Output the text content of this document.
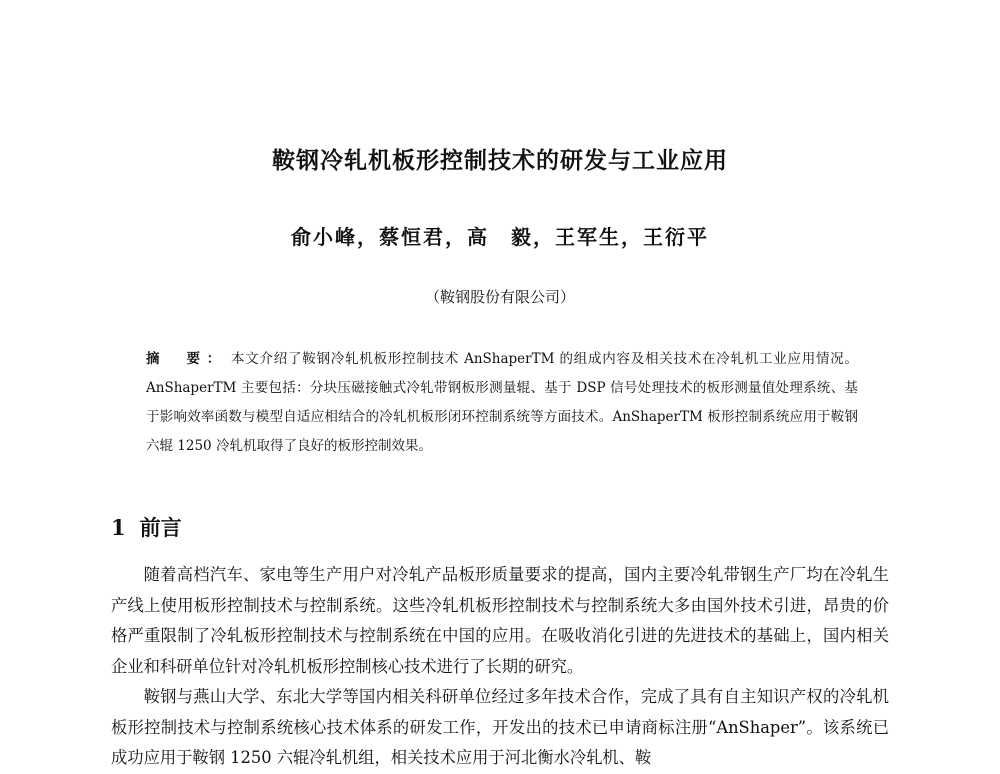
鞍钢冷轧机板形控制技术的研发与工业应用
俞小峰，蔡恒君，高　毅，王军生，王衍平
（鞍钢股份有限公司）
摘　要： 本文介绍了鞍钢冷轧机板形控制技术 AnShaperTM 的组成内容及相关技术在冷轧机工业应用情况。AnShaperTM 主要包括：分块压磁接触式冷轧带钢板形测量辊、基于 DSP 信号处理技术的板形测量值处理系统、基于影响效率函数与模型自适应相结合的冷轧机板形闭环控制系统等方面技术。AnShaperTM 板形控制系统应用于鞍钢六辊 1250 冷轧机取得了良好的板形控制效果。
1 前言

随着高档汽车、家电等生产用户对冷轧产品板形质量要求的提高，国内主要冷轧带钢生产厂均在冷轧生产线上使用板形控制技术与控制系统。这些冷轧机板形控制技术与控制系统大多由国外技术引进，昂贵的价格严重限制了冷轧板形控制技术与控制系统在中国的应用。在吸收消化引进的先进技术的基础上，国内相关企业和科研单位针对冷轧机板形控制核心技术进行了长期的研究。

鞍钢与燕山大学、东北大学等国内相关科研单位经过多年技术合作，完成了具有自主知识产权的冷轧机板形控制技术与控制系统核心技术体系的研发工作，开发出的技术已申请商标注册“AnShaper”。该系统已成功应用于鞍钢 1250 六辊冷轧机组，相关技术应用于河北衡水冷轧机、鞍
